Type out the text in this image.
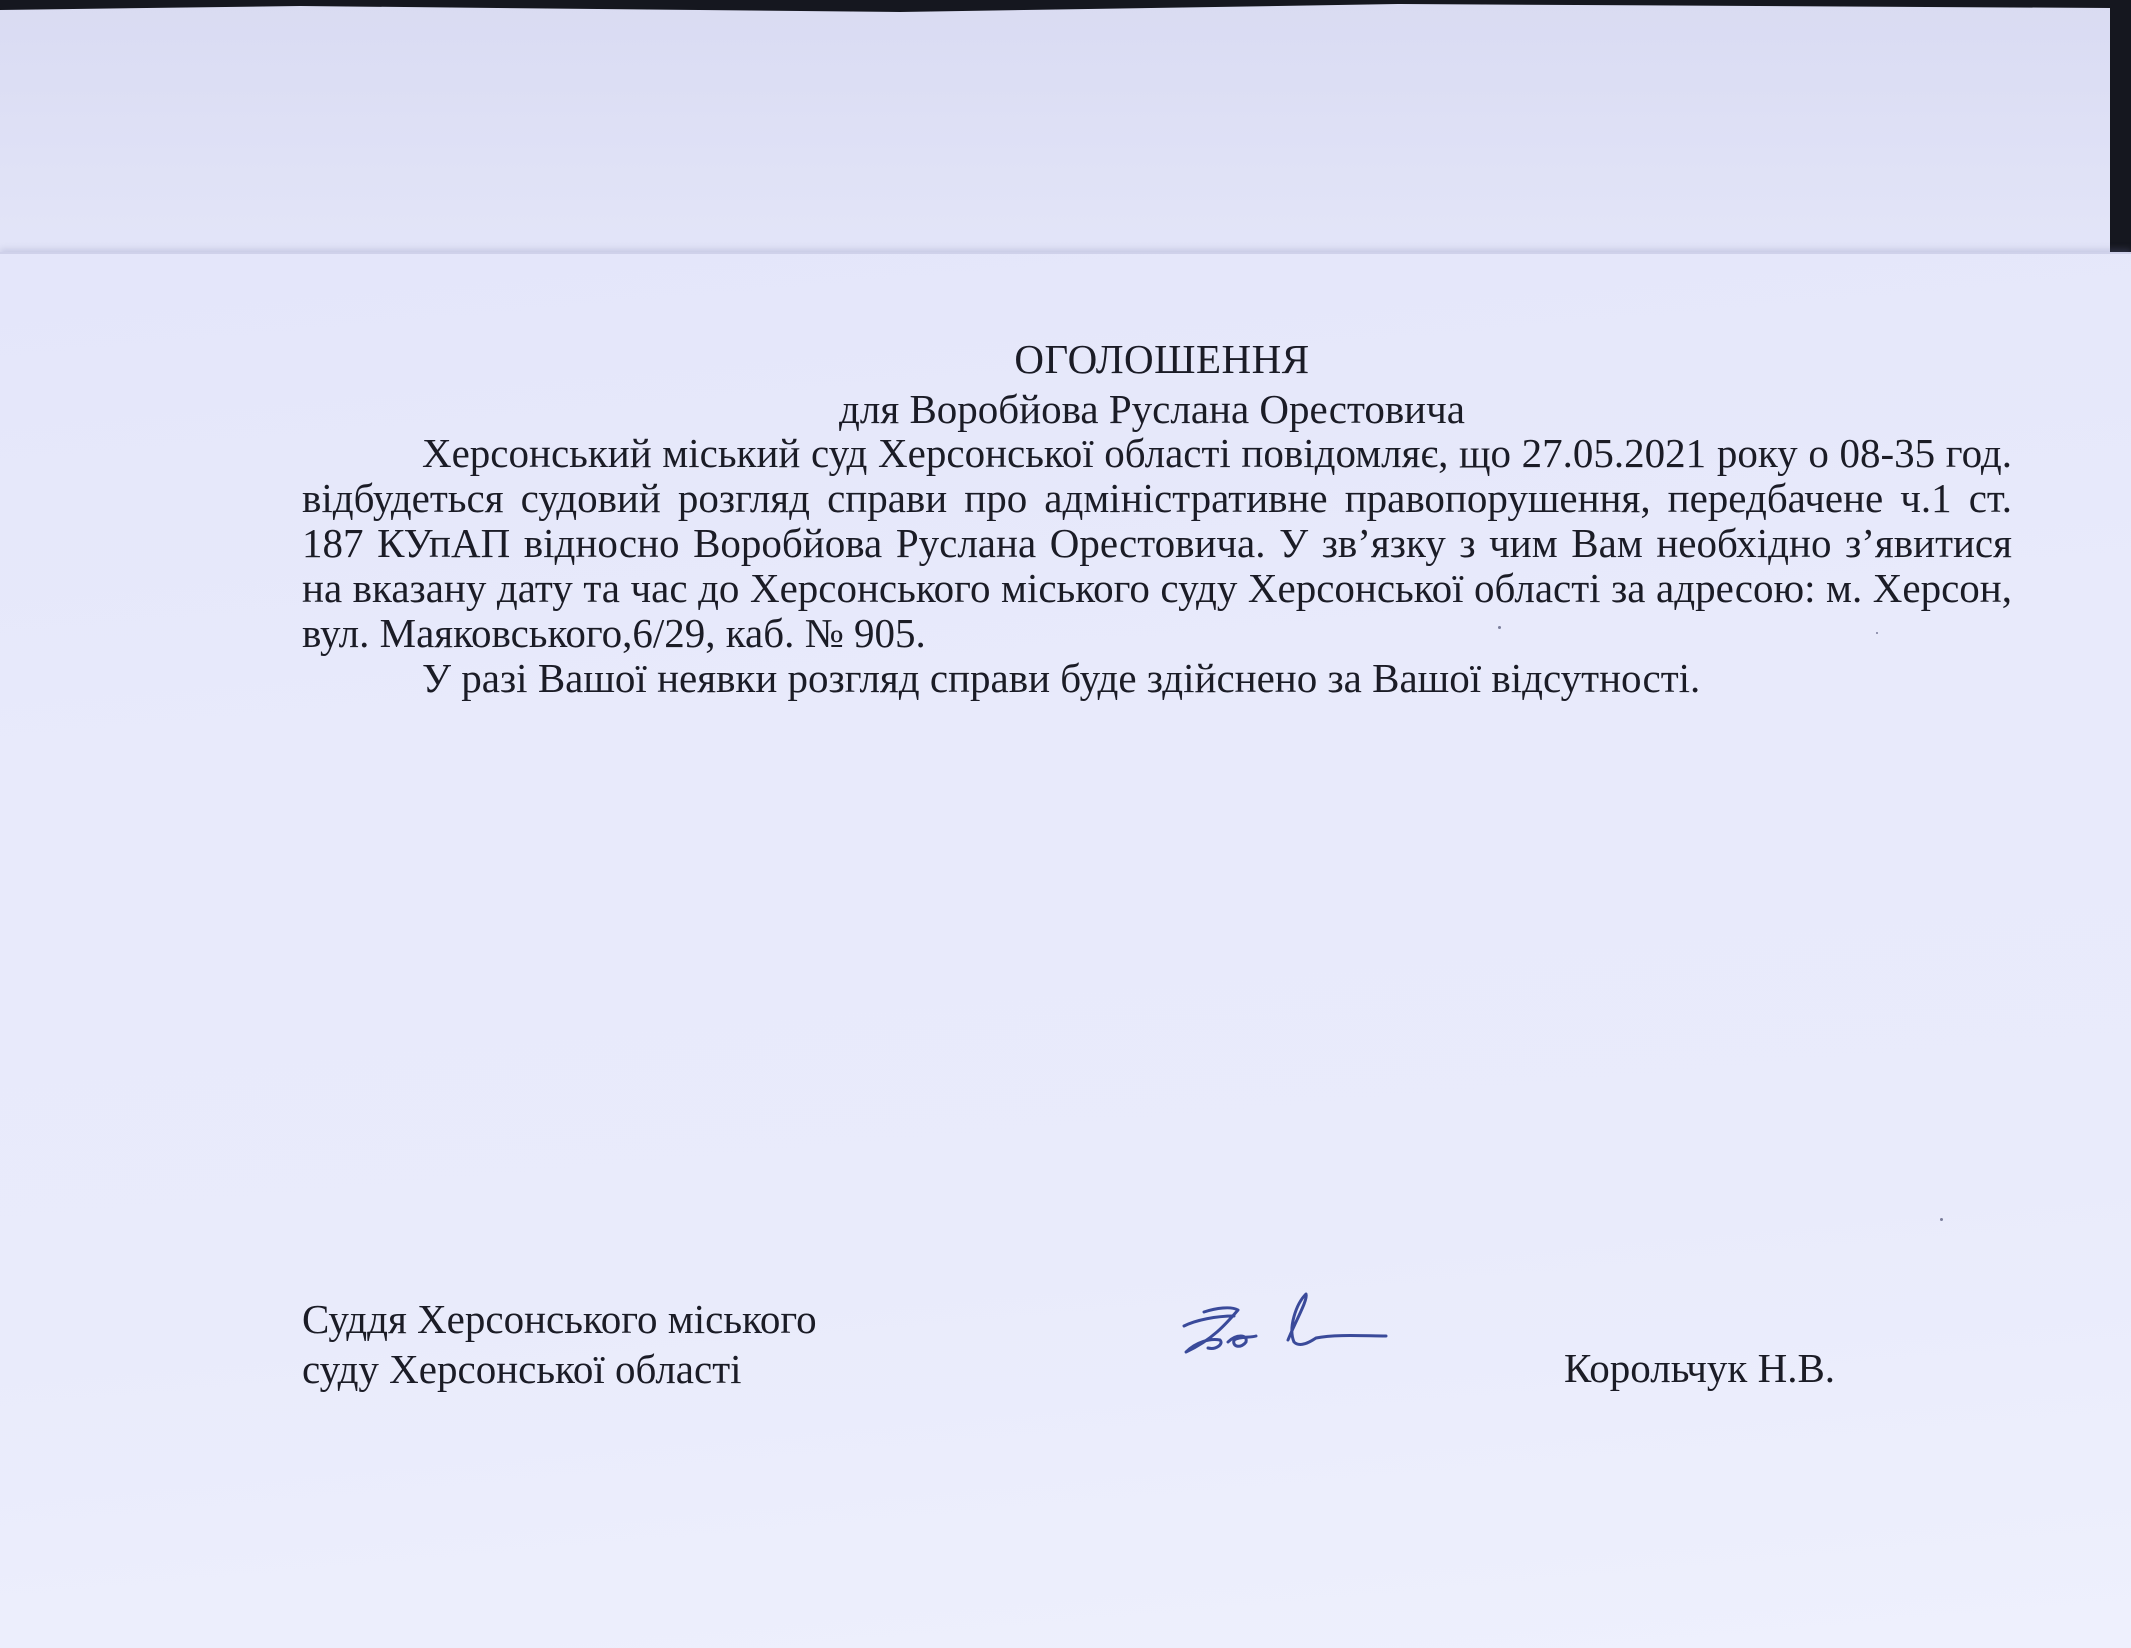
ОГОЛОШЕННЯ
для Воробйова Руслана Орестовича

Херсонський міський суд Херсонської області повідомляє, що 27.05.2021 року о 08-35 год. відбудеться судовий розгляд справи про адміністративне правопорушення, передбачене ч.1 ст. 187 КУпАП відносно Воробйова Руслана Орестовича. У зв’язку з чим Вам необхідно з’явитися на вказану дату та час до Херсонського міського суду Херсонської області за адресою: м. Херсон, вул. Маяковського,6/29, каб. № 905.

У разі Вашої неявки розгляд справи буде здійснено за Вашої відсутності.

Суддя Херсонського міського
суду Херсонської області	Корольчук Н.В.
